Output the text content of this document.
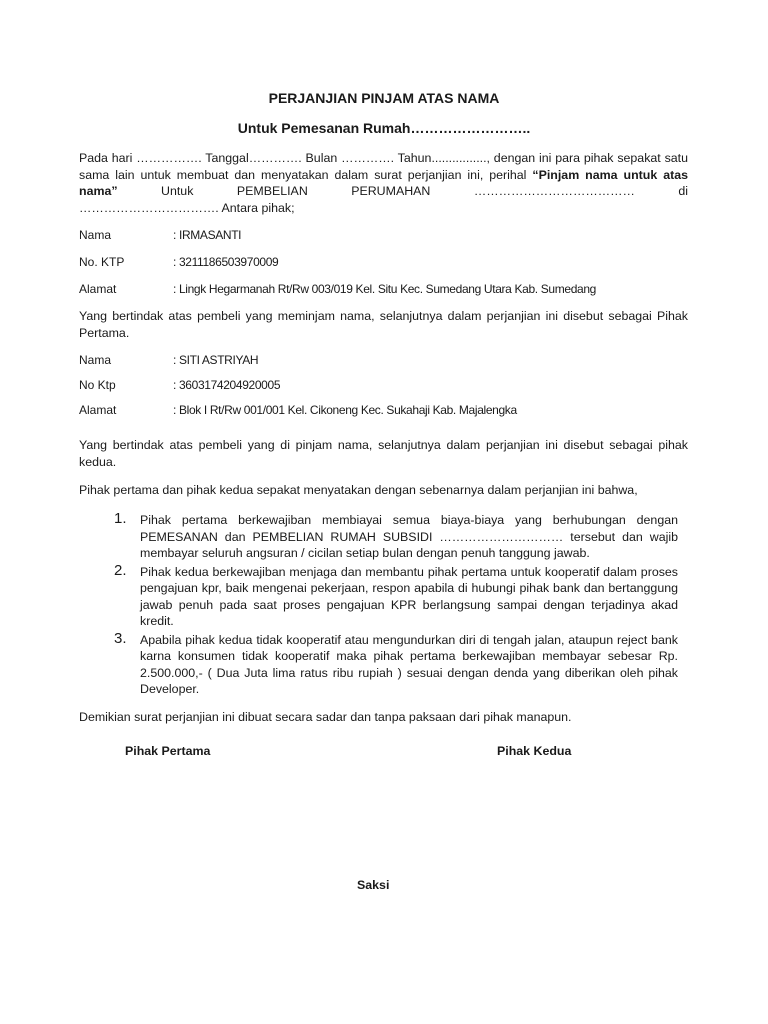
PERJANJIAN PINJAM ATAS NAMA
Untuk Pemesanan Rumah……………………..

Pada hari ……………. Tanggal…………. Bulan …………. Tahun................, dengan ini para pihak sepakat satu sama lain untuk membuat dan menyatakan dalam surat perjanjian ini, perihal “Pinjam nama untuk atas nama” Untuk PEMBELIAN PERUMAHAN ………………………………… di

……………………………. Antara pihak;

Nama	: IRMASANTI
No. KTP	: 3211186503970009
Alamat	: Lingk Hegarmanah Rt/Rw 003/019 Kel. Situ Kec. Sumedang Utara Kab. Sumedang
Yang bertindak atas pembeli yang meminjam nama, selanjutnya dalam perjanjian ini disebut sebagai Pihak Pertama.
Nama	: SITI ASTRIYAH
No Ktp	: 3603174204920005
Alamat	: Blok I Rt/Rw 001/001 Kel. Cikoneng Kec. Sukahaji Kab. Majalengka
Yang bertindak atas pembeli yang di pinjam nama, selanjutnya dalam perjanjian ini disebut sebagai pihak kedua.
Pihak pertama dan pihak kedua sepakat menyatakan dengan sebenarnya dalam perjanjian ini bahwa,
1. Pihak pertama berkewajiban membiayai semua biaya-biaya yang berhubungan dengan PEMESANAN dan PEMBELIAN RUMAH SUBSIDI ………………………… tersebut dan wajib membayar seluruh angsuran / cicilan setiap bulan dengan penuh tanggung jawab.
2. Pihak kedua berkewajiban menjaga dan membantu pihak pertama untuk kooperatif dalam proses pengajuan kpr, baik mengenai pekerjaan, respon apabila di hubungi pihak bank dan bertanggung jawab penuh pada saat proses pengajuan KPR berlangsung sampai dengan terjadinya akad kredit.
3. Apabila pihak kedua tidak kooperatif atau mengundurkan diri di tengah jalan, ataupun reject bank karna konsumen tidak kooperatif maka pihak pertama berkewajiban membayar sebesar Rp. 2.500.000,- ( Dua Juta lima ratus ribu rupiah ) sesuai dengan denda yang diberikan oleh pihak Developer.
Demikian surat perjanjian ini dibuat secara sadar dan tanpa paksaan dari pihak manapun.
Pihak Pertama	Pihak Kedua
Saksi
